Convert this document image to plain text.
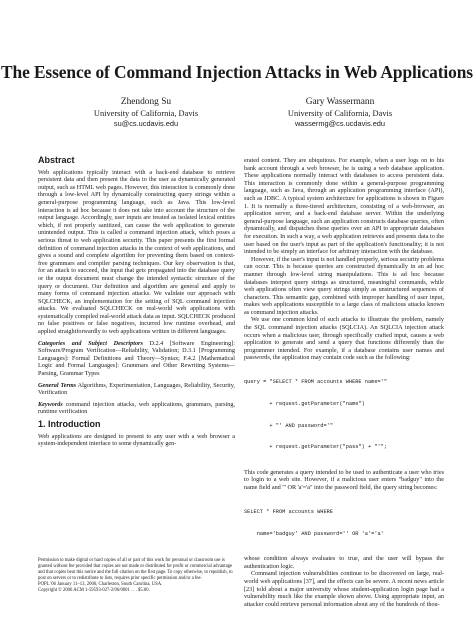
The Essence of Command Injection Attacks in Web Applications
Zhendong Su
University of California, Davis
su@cs.ucdavis.edu
Gary Wassermann
University of California, Davis
wassermg@cs.ucdavis.edu
Abstract

Web applications typically interact with a back-end database to retrieve persistent data and then present the data to the user as dynamically generated output, such as HTML web pages. However, this interaction is commonly done through a low-level API by dynamically constructing query strings within a general-purpose programming language, such as Java. This low-level interaction is ad hoc because it does not take into account the structure of the output language. Accordingly, user inputs are treated as isolated lexical entities which, if not properly sanitized, can cause the web application to generate unintended output. This is called a command injection attack, which poses a serious threat to web application security. This paper presents the first formal definition of command injection attacks in the context of web applications, and gives a sound and complete algorithm for preventing them based on context-free grammars and compiler parsing techniques. Our key observation is that, for an attack to succeed, the input that gets propagated into the database query or the output document must change the intended syntactic structure of the query or document. Our definition and algorithm are general and apply to many forms of command injection attacks. We validate our approach with SQLCHECK, an implementation for the setting of SQL command injection attacks. We evaluated SQLCHECK on real-world web applications with systematically compiled real-world attack data as input. SQLCHECK produced no false positives or false negatives, incurred low runtime overhead, and applied straightforwardly to web applications written in different languages.

Categories and Subject Descriptors D.2.4 [Software Engineering]: Software/Program Verification—Reliability, Validation; D.3.1 [Programming Languages]: Formal Definitions and Theory—Syntax; F.4.2 [Mathematical Logic and Formal Languages]: Grammars and Other Rewriting Systems—Parsing, Grammar Types

General Terms Algorithms, Experimentation, Languages, Reliability, Security, Verification

Keywords command injection attacks, web applications, grammars, parsing, runtime verification

1. Introduction

Web applications are designed to present to any user with a web browser a system-independent interface to some dynamically gen-

Permission to make digital or hard copies of all or part of this work for personal or classroom use is granted without fee provided that copies are not made or distributed for profit or commercial advantage and that copies bear this notice and the full citation on the first page. To copy otherwise, to republish, to post on servers or to redistribute to lists, requires prior specific permission and/or a fee.
POPL '06 January 11–13, 2006, Charleston, South Carolina, USA.
Copyright © 2006 ACM 1-59593-027-2/06/0001 . . . $5.00.

erated content. They are ubiquitous. For example, when a user logs on to his bank account through a web browser, he is using a web database application. These applications normally interact with databases to access persistent data. This interaction is commonly done within a general-purpose programming language, such as Java, through an application programming interface (API), such as JDBC. A typical system architecture for applications is shown in Figure 1. It is normally a three-tiered architecture, consisting of a web-browser, an application server, and a back-end database server. Within the underlying general-purpose language, such an application constructs database queries, often dynamically, and dispatches these queries over an API to appropriate databases for execution. In such a way, a web application retrieves and presents data to the user based on the user's input as part of the application's functionality; it is not intended to be simply an interface for arbitrary interaction with the database.

However, if the user's input is not handled properly, serious security problems can occur. This is because queries are constructed dynamically in an ad hoc manner through low-level string manipulations. This is ad hoc because databases interpret query strings as structured, meaningful commands, while web applications often view query strings simply as unstructured sequences of characters. This semantic gap, combined with improper handling of user input, makes web applications susceptible to a large class of malicious attacks known as command injection attacks.

We use one common kind of such attacks to illustrate the problem, namely the SQL command injection attacks (SQLCIA). An SQLCIA injection attack occurs when a malicious user, through specifically crafted input, causes a web application to generate and send a query that functions differently than the programmer intended. For example, if a database contains user names and passwords, the application may contain code such as the following:

query = "SELECT * FROM accounts WHERE name='"

+ request.getParameter("name")

+ "' AND password='"

+ request.getParameter("pass") + "'";

This code generates a query intended to be used to authenticate a user who tries to login to a web site. However, if a malicious user enters "badguy" into the name field and "' OR 'a'='a" into the password field, the query string becomes:

SELECT * FROM accounts WHERE

name='badguy' AND password='' OR 'a'='a'

whose condition always evaluates to true, and the user will bypass the authentication logic.

Command injection vulnerabilities continue to be discovered on large, real-world web applications [37], and the effects can be severe. A recent news article [23] told about a major university whose student-application login page had a vulnerability much like the example shown above. Using appropriate input, an attacker could retrieve personal information about any of the hundreds of thou-
